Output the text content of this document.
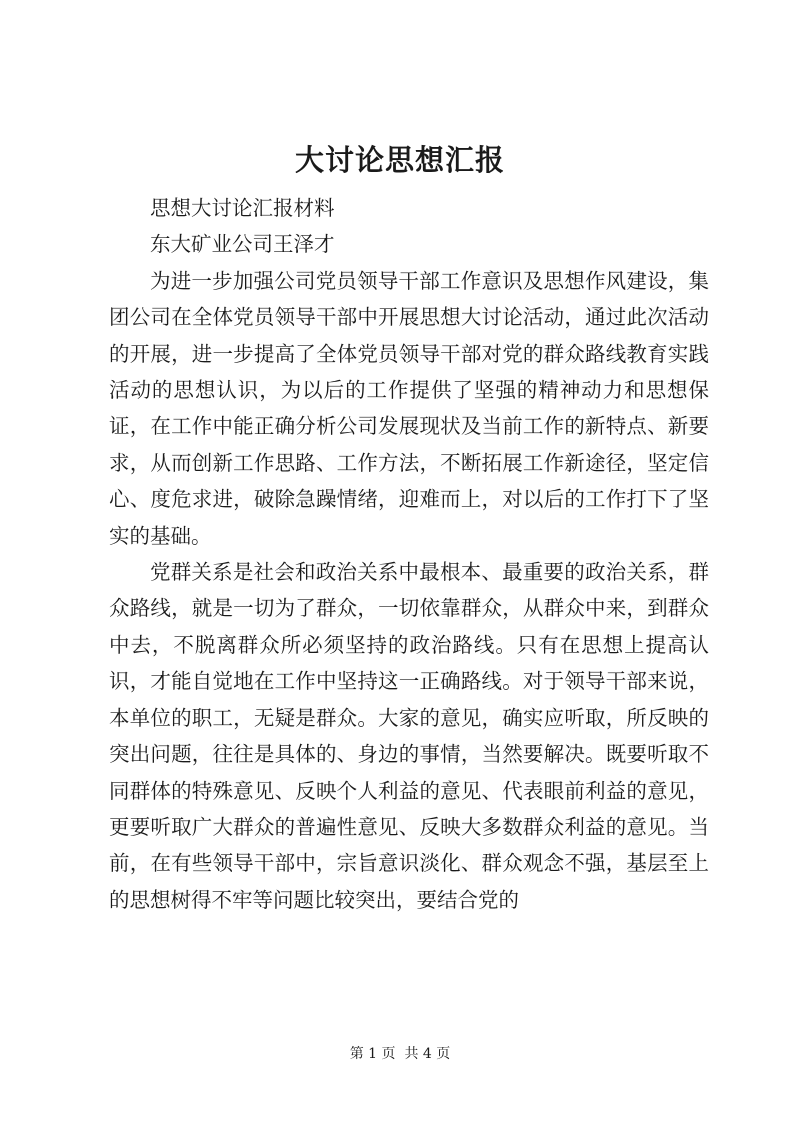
大讨论思想汇报

思想大讨论汇报材料

东大矿业公司王泽才

为进一步加强公司党员领导干部工作意识及思想作风建设，集团公司在全体党员领导干部中开展思想大讨论活动，通过此次活动的开展，进一步提高了全体党员领导干部对党的群众路线教育实践活动的思想认识，为以后的工作提供了坚强的精神动力和思想保证，在工作中能正确分析公司发展现状及当前工作的新特点、新要求，从而创新工作思路、工作方法，不断拓展工作新途径，坚定信心、度危求进，破除急躁情绪，迎难而上，对以后的工作打下了坚实的基础。

党群关系是社会和政治关系中最根本、最重要的政治关系，群众路线，就是一切为了群众，一切依靠群众，从群众中来，到群众中去，不脱离群众所必须坚持的政治路线。只有在思想上提高认识，才能自觉地在工作中坚持这一正确路线。对于领导干部来说，本单位的职工，无疑是群众。大家的意见，确实应听取，所反映的突出问题，往往是具体的、身边的事情，当然要解决。既要听取不同群体的特殊意见、反映个人利益的意见、代表眼前利益的意见，更要听取广大群众的普遍性意见、反映大多数群众利益的意见。当前，在有些领导干部中，宗旨意识淡化、群众观念不强，基层至上的思想树得不牢等问题比较突出，要结合党的

第 1 页  共 4 页
